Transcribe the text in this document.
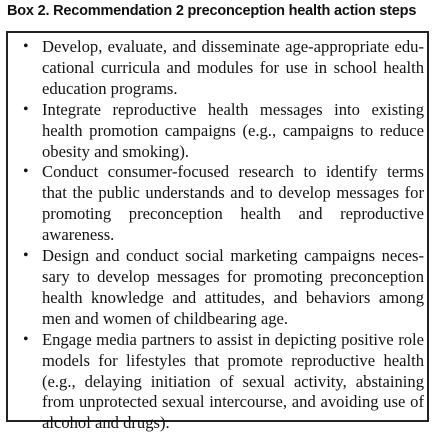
Box 2. Recommendation 2 preconception health action steps
• Develop, evaluate, and disseminate age-appropriate educational curricula and modules for use in school health education programs.
• Integrate reproductive health messages into existing health promotion campaigns (e.g., campaigns to reduce obesity and smoking).
• Conduct consumer-focused research to identify terms that the public understands and to develop messages for promoting preconception health and reproductive awareness.
• Design and conduct social marketing campaigns necessary to develop messages for promoting preconception health knowledge and attitudes, and behaviors among men and women of childbearing age.
• Engage media partners to assist in depicting positive role models for lifestyles that promote reproductive health (e.g., delaying initiation of sexual activity, abstaining from unprotected sexual intercourse, and avoiding use of alcohol and drugs).
